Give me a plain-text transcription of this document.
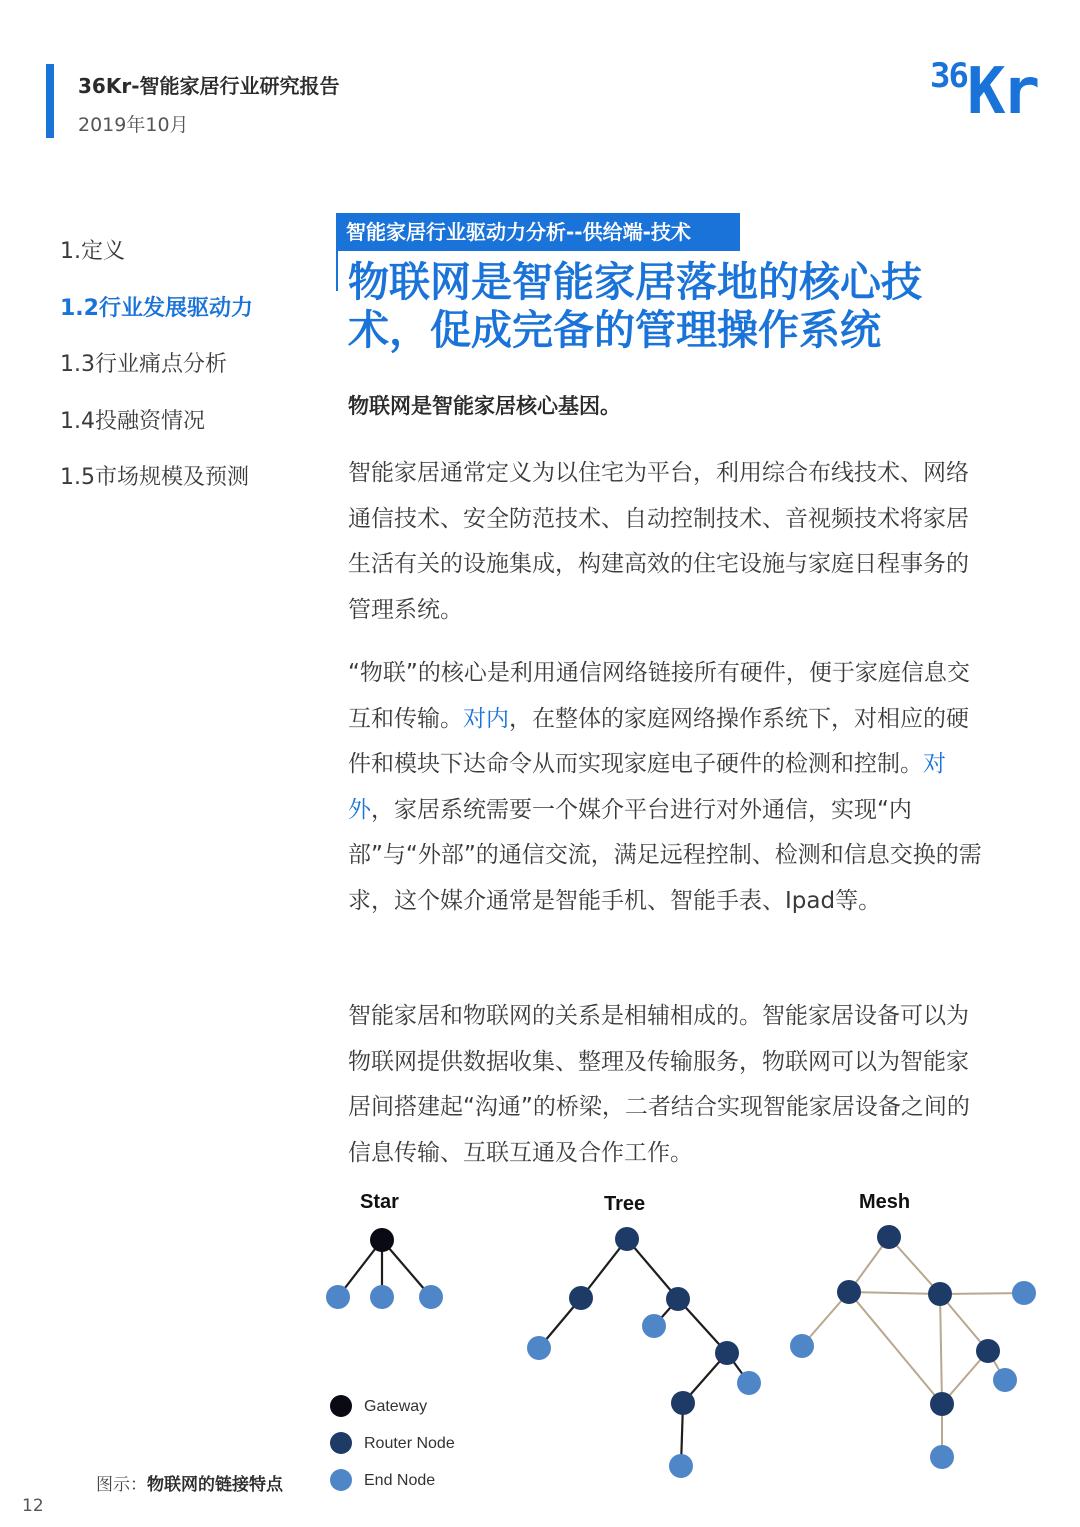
36Kr-智能家居行业研究报告
2019年10月
36 Kr
1.定义
1.2行业发展驱动力
1.3行业痛点分析
1.4投融资情况
1.5市场规模及预测
智能家居行业驱动力分析--供给端-技术
物联网是智能家居落地的核心技
术，促成完备的管理操作系统
物联网是智能家居核心基因。

智能家居通常定义为以住宅为平台，利用综合布线技术、网络通信技术、安全防范技术、自动控制技术、音视频技术将家居生活有关的设施集成，构建高效的住宅设施与家庭日程事务的管理系统。

“物联”的核心是利用通信网络链接所有硬件，便于家庭信息交互和传输。对内，在整体的家庭网络操作系统下，对相应的硬件和模块下达命令从而实现家庭电子硬件的检测和控制。对外，家居系统需要一个媒介平台进行对外通信，实现“内部”与“外部”的通信交流，满足远程控制、检测和信息交换的需求，这个媒介通常是智能手机、智能手表、Ipad等。

智能家居和物联网的关系是相辅相成的。智能家居设备可以为物联网提供数据收集、整理及传输服务，物联网可以为智能家居间搭建起“沟通”的桥梁，二者结合实现智能家居设备之间的信息传输、互联互通及合作工作。

Star	Tree	Mesh
Gateway
Router Node
End Node
图示：物联网的链接特点
12
